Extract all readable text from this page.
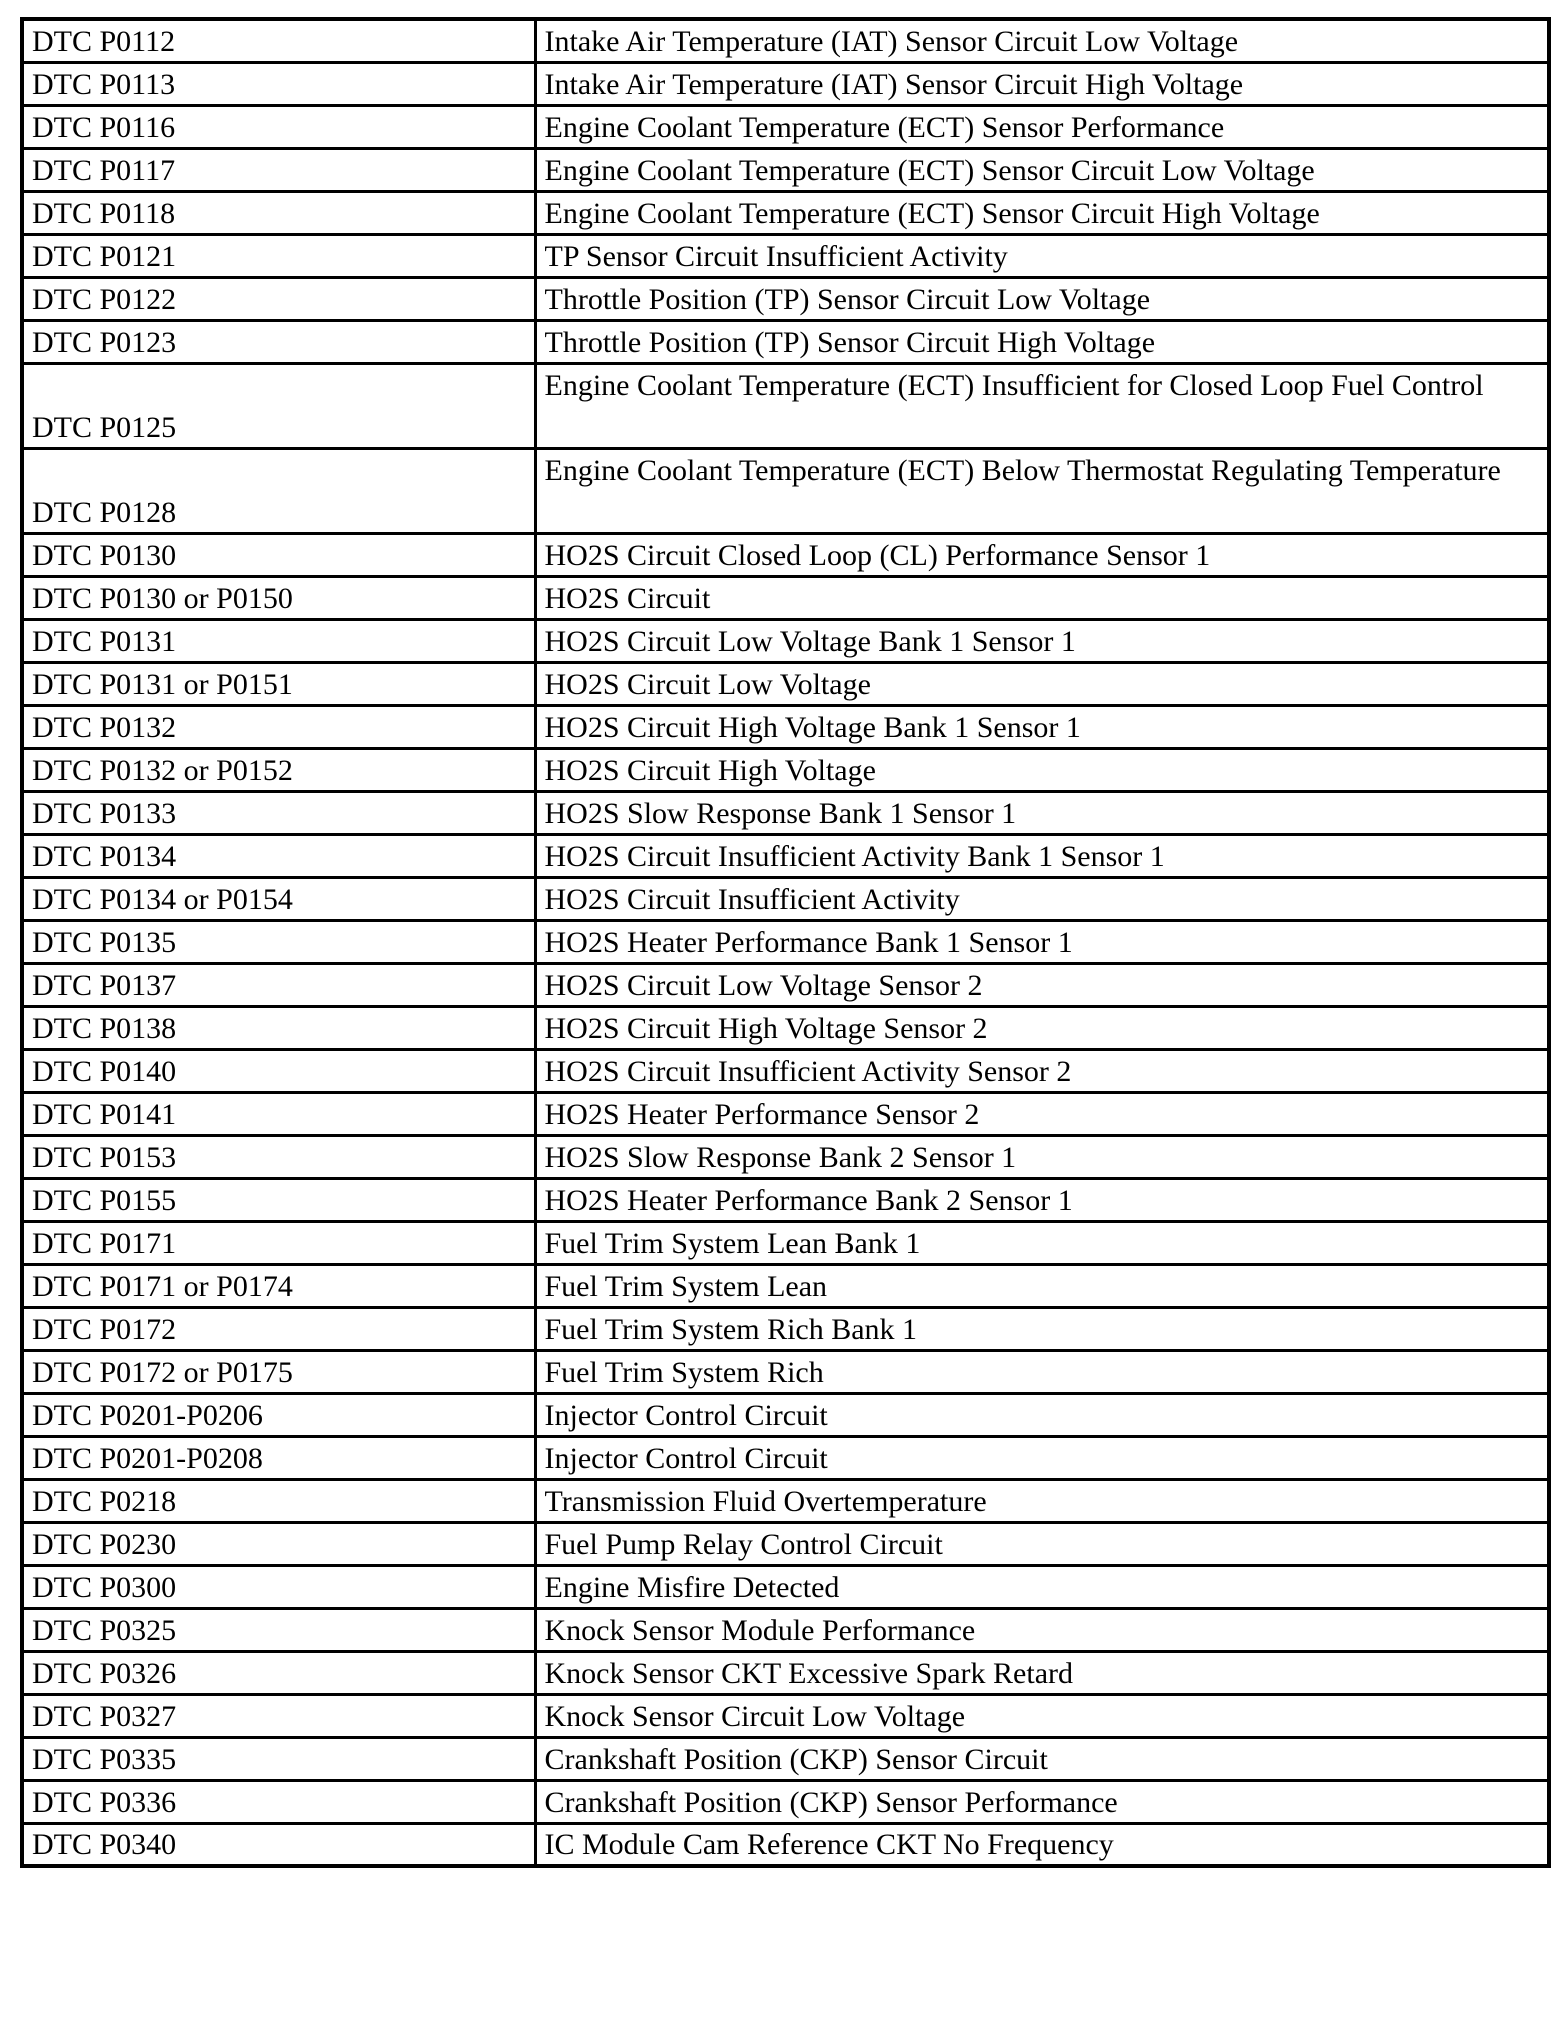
DTC P0112	Intake Air Temperature (IAT) Sensor Circuit Low Voltage
DTC P0113	Intake Air Temperature (IAT) Sensor Circuit High Voltage
DTC P0116	Engine Coolant Temperature (ECT) Sensor Performance
DTC P0117	Engine Coolant Temperature (ECT) Sensor Circuit Low Voltage
DTC P0118	Engine Coolant Temperature (ECT) Sensor Circuit High Voltage
DTC P0121	TP Sensor Circuit Insufficient Activity
DTC P0122	Throttle Position (TP) Sensor Circuit Low Voltage
DTC P0123	Throttle Position (TP) Sensor Circuit High Voltage
DTC P0125	Engine Coolant Temperature (ECT) Insufficient for Closed Loop Fuel Control
DTC P0128	Engine Coolant Temperature (ECT) Below Thermostat Regulating Temperature
DTC P0130	HO2S Circuit Closed Loop (CL) Performance Sensor 1
DTC P0130 or P0150	HO2S Circuit
DTC P0131	HO2S Circuit Low Voltage Bank 1 Sensor 1
DTC P0131 or P0151	HO2S Circuit Low Voltage
DTC P0132	HO2S Circuit High Voltage Bank 1 Sensor 1
DTC P0132 or P0152	HO2S Circuit High Voltage
DTC P0133	HO2S Slow Response Bank 1 Sensor 1
DTC P0134	HO2S Circuit Insufficient Activity Bank 1 Sensor 1
DTC P0134 or P0154	HO2S Circuit Insufficient Activity
DTC P0135	HO2S Heater Performance Bank 1 Sensor 1
DTC P0137	HO2S Circuit Low Voltage Sensor 2
DTC P0138	HO2S Circuit High Voltage Sensor 2
DTC P0140	HO2S Circuit Insufficient Activity Sensor 2
DTC P0141	HO2S Heater Performance Sensor 2
DTC P0153	HO2S Slow Response Bank 2 Sensor 1
DTC P0155	HO2S Heater Performance Bank 2 Sensor 1
DTC P0171	Fuel Trim System Lean Bank 1
DTC P0171 or P0174	Fuel Trim System Lean
DTC P0172	Fuel Trim System Rich Bank 1
DTC P0172 or P0175	Fuel Trim System Rich
DTC P0201-P0206	Injector Control Circuit
DTC P0201-P0208	Injector Control Circuit
DTC P0218	Transmission Fluid Overtemperature
DTC P0230	Fuel Pump Relay Control Circuit
DTC P0300	Engine Misfire Detected
DTC P0325	Knock Sensor Module Performance
DTC P0326	Knock Sensor CKT Excessive Spark Retard
DTC P0327	Knock Sensor Circuit Low Voltage
DTC P0335	Crankshaft Position (CKP) Sensor Circuit
DTC P0336	Crankshaft Position (CKP) Sensor Performance
DTC P0340	IC Module Cam Reference CKT No Frequency
